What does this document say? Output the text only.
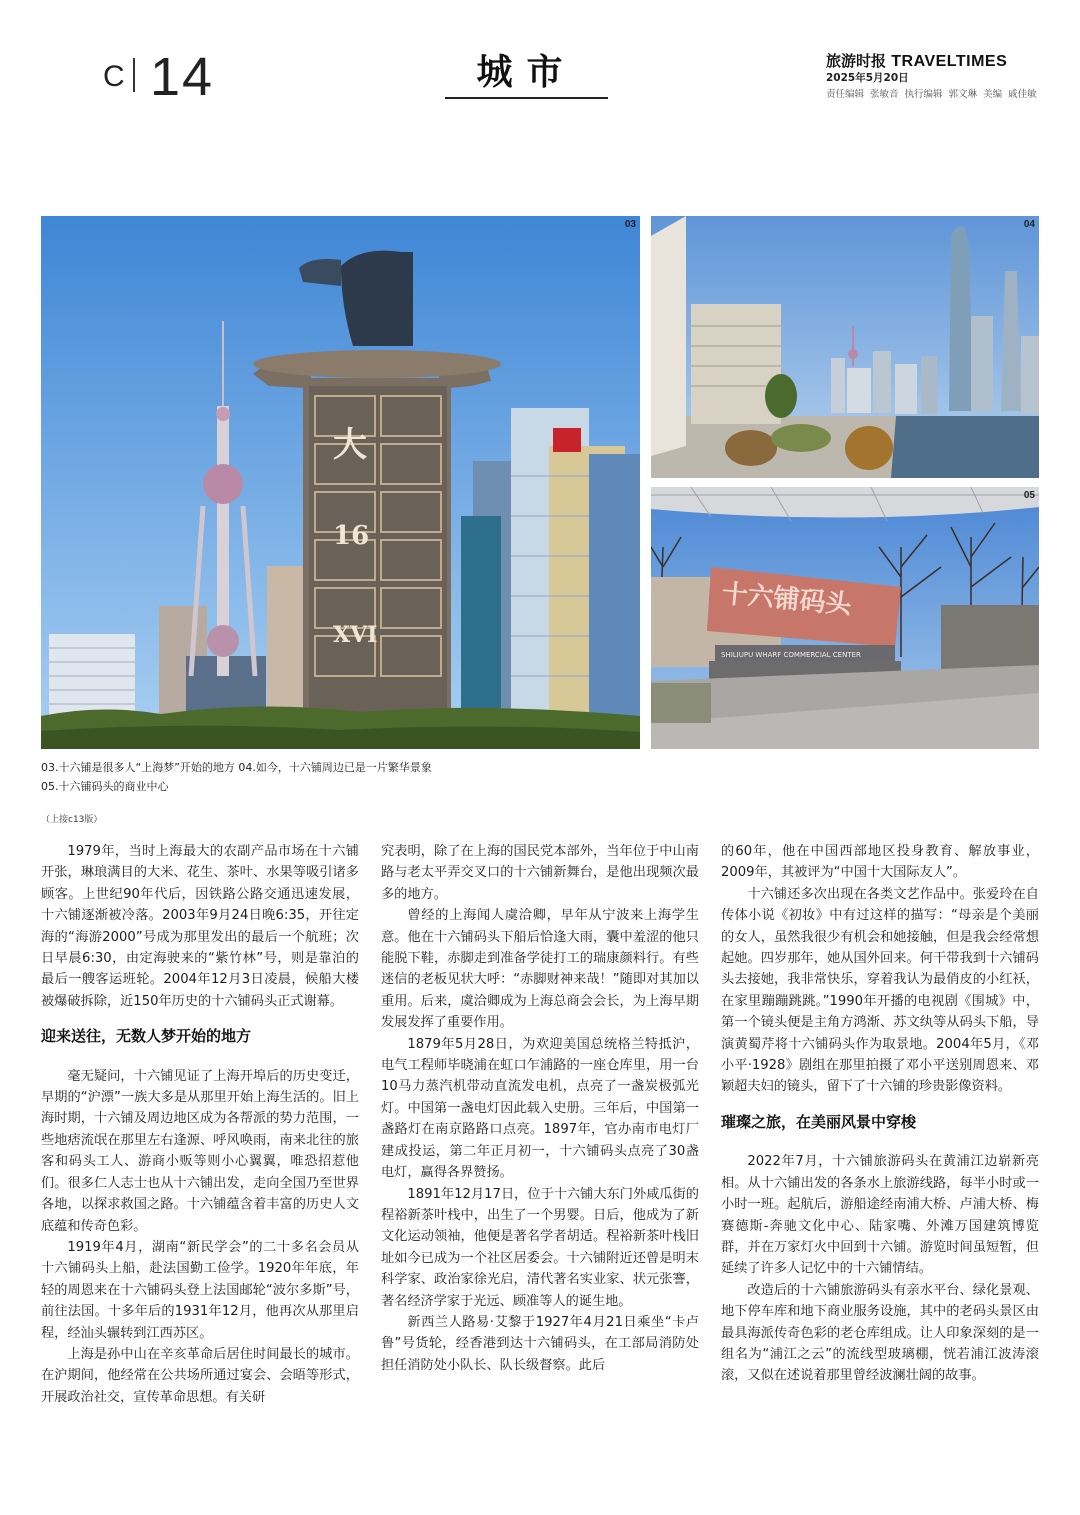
C 14	城市	旅游时报 TRAVELTIMES
2025年5月20日
责任编辑 张敏音 执行编辑 郭文琳 美编 戚佳敏
大
16
XVI
03	04
十六铺码头
SHILIUPU WHARF COMMERCIAL CENTER
05
03.十六铺是很多人“上海梦”开始的地方 04.如今，十六铺周边已是一片繁华景象
05.十六铺码头的商业中心
（上接c13版）

1979年，当时上海最大的农副产品市场在十六铺开张，琳琅满目的大米、花生、茶叶、水果等吸引诸多顾客。上世纪90年代后，因铁路公路交通迅速发展，十六铺逐渐被冷落。2003年9月24日晚6:35，开往定海的“海游2000”号成为那里发出的最后一个航班；次日早晨6:30，由定海驶来的“紫竹林”号，则是靠泊的最后一艘客运班轮。2004年12月3日凌晨，候船大楼被爆破拆除，近150年历史的十六铺码头正式谢幕。

迎来送往，无数人梦开始的地方

毫无疑问，十六铺见证了上海开埠后的历史变迁，早期的“沪漂”一族大多是从那里开始上海生活的。旧上海时期，十六铺及周边地区成为各帮派的势力范围，一些地痞流氓在那里左右逢源、呼风唤雨，南来北往的旅客和码头工人、游商小贩等则小心翼翼，唯恐招惹他们。很多仁人志士也从十六铺出发，走向全国乃至世界各地，以探求救国之路。十六铺蕴含着丰富的历史人文底蕴和传奇色彩。

1919年4月，湖南“新民学会”的二十多名会员从十六铺码头上船，赴法国勤工俭学。1920年年底，年轻的周恩来在十六铺码头登上法国邮轮“波尔多斯”号，前往法国。十多年后的1931年12月，他再次从那里启程，经汕头辗转到江西苏区。

上海是孙中山在辛亥革命后居住时间最长的城市。在沪期间，他经常在公共场所通过宴会、会晤等形式，开展政治社交，宣传革命思想。有关研

究表明，除了在上海的国民党本部外，当年位于中山南路与老太平弄交叉口的十六铺新舞台，是他出现频次最多的地方。

曾经的上海闻人虞洽卿，早年从宁波来上海学生意。他在十六铺码头下船后恰逢大雨，囊中羞涩的他只能脱下鞋，赤脚走到准备学徒打工的瑞康颜料行。有些迷信的老板见状大呼：“赤脚财神来哉！”随即对其加以重用。后来，虞洽卿成为上海总商会会长，为上海早期发展发挥了重要作用。

1879年5月28日，为欢迎美国总统格兰特抵沪，电气工程师毕晓浦在虹口乍浦路的一座仓库里，用一台10马力蒸汽机带动直流发电机，点亮了一盏炭极弧光灯。中国第一盏电灯因此载入史册。三年后，中国第一盏路灯在南京路路口点亮。1897年，官办南市电灯厂建成投运，第二年正月初一，十六铺码头点亮了30盏电灯，赢得各界赞扬。

1891年12月17日，位于十六铺大东门外咸瓜街的程裕新茶叶栈中，出生了一个男婴。日后，他成为了新文化运动领袖，他便是著名学者胡适。程裕新茶叶栈旧址如今已成为一个社区居委会。十六铺附近还曾是明末科学家、政治家徐光启，清代著名实业家、状元张謇，著名经济学家于光远、顾准等人的诞生地。

新西兰人路易·艾黎于1927年4月21日乘坐“卡卢鲁”号货轮，经香港到达十六铺码头，在工部局消防处担任消防处小队长、队长级督察。此后

的60年，他在中国西部地区投身教育、解放事业，2009年，其被评为“中国十大国际友人”。

十六铺还多次出现在各类文艺作品中。张爱玲在自传体小说《初妆》中有过这样的描写：“母亲是个美丽的女人，虽然我很少有机会和她接触，但是我会经常想起她。四岁那年，她从国外回来。何干带我到十六铺码头去接她，我非常快乐，穿着我认为最俏皮的小红袄，在家里蹦蹦跳跳。”1990年开播的电视剧《围城》中，第一个镜头便是主角方鸿渐、苏文纨等从码头下船，导演黄蜀芹将十六铺码头作为取景地。2004年5月，《邓小平·1928》剧组在那里拍摄了邓小平送别周恩来、邓颖超夫妇的镜头，留下了十六铺的珍贵影像资料。

璀璨之旅，在美丽风景中穿梭

2022年7月，十六铺旅游码头在黄浦江边崭新亮相。从十六铺出发的各条水上旅游线路，每半小时或一小时一班。起航后，游船途经南浦大桥、卢浦大桥、梅赛德斯-奔驰文化中心、陆家嘴、外滩万国建筑博览群，并在万家灯火中回到十六铺。游览时间虽短暂，但延续了许多人记忆中的十六铺情结。

改造后的十六铺旅游码头有亲水平台、绿化景观、地下停车库和地下商业服务设施，其中的老码头景区由最具海派传奇色彩的老仓库组成。让人印象深刻的是一组名为“浦江之云”的流线型玻璃棚，恍若浦江波涛滚滚，又似在述说着那里曾经波澜壮阔的故事。
